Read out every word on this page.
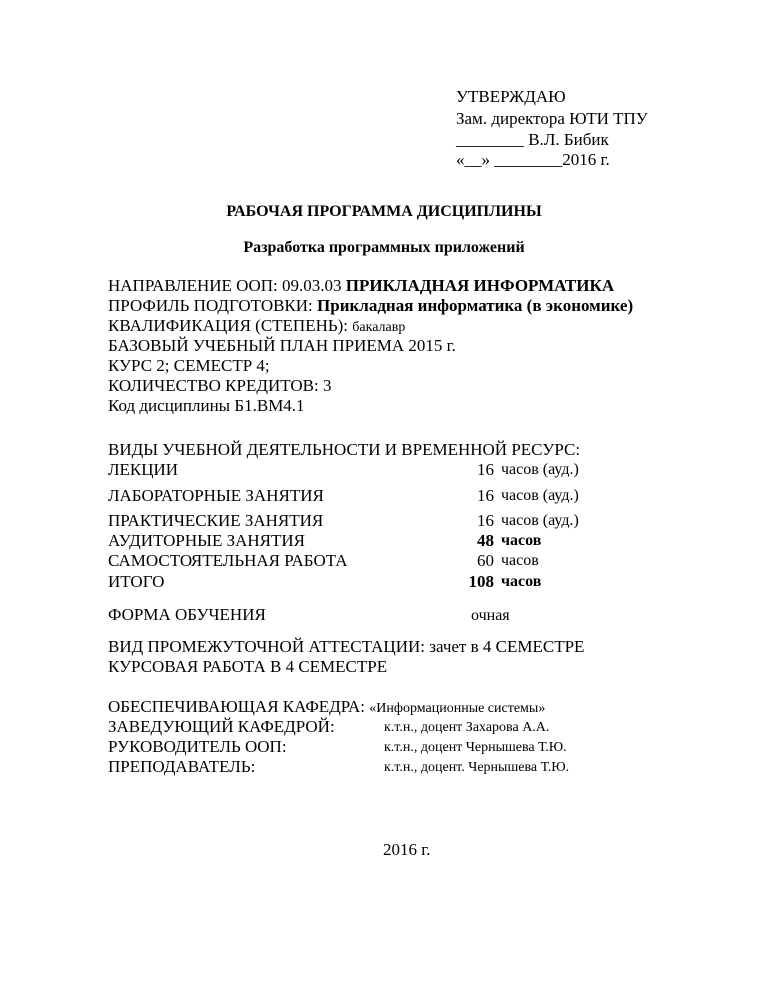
УТВЕРЖДАЮ
Зам. директора ЮТИ ТПУ
________ В.Л. Бибик
«__» ________2016 г.
РАБОЧАЯ ПРОГРАММА ДИСЦИПЛИНЫ
Разработка программных приложений
НАПРАВЛЕНИЕ ООП: 09.03.03 ПРИКЛАДНАЯ ИНФОРМАТИКА
ПРОФИЛЬ ПОДГОТОВКИ: Прикладная информатика (в экономике)
КВАЛИФИКАЦИЯ (СТЕПЕНЬ): бакалавр
БАЗОВЫЙ УЧЕБНЫЙ ПЛАН ПРИЕМА 2015 г.
КУРС 2; СЕМЕСТР 4;
КОЛИЧЕСТВО КРЕДИТОВ: 3
Код дисциплины Б1.ВМ4.1
ВИДЫ УЧЕБНОЙ ДЕЯТЕЛЬНОСТИ И ВРЕМЕННОЙ РЕСУРС:
ЛЕКЦИИ	16 часов (ауд.)
ЛАБОРАТОРНЫЕ ЗАНЯТИЯ	16 часов (ауд.)
ПРАКТИЧЕСКИЕ ЗАНЯТИЯ	16 часов (ауд.)
АУДИТОРНЫЕ ЗАНЯТИЯ	48 часов
САМОСТОЯТЕЛЬНАЯ РАБОТА	60 часов
ИТОГО	108 часов
ФОРМА ОБУЧЕНИЯ	очная
ВИД ПРОМЕЖУТОЧНОЙ АТТЕСТАЦИИ: зачет в 4 СЕМЕСТРЕ
КУРСОВАЯ РАБОТА В 4 СЕМЕСТРЕ
ОБЕСПЕЧИВАЮЩАЯ КАФЕДРА: «Информационные системы»
ЗАВЕДУЮЩИЙ КАФЕДРОЙ:	к.т.н., доцент Захарова А.А.
РУКОВОДИТЕЛЬ ООП:	к.т.н., доцент Чернышева Т.Ю.
ПРЕПОДАВАТЕЛЬ:	к.т.н., доцент. Чернышева Т.Ю.
2016 г.
